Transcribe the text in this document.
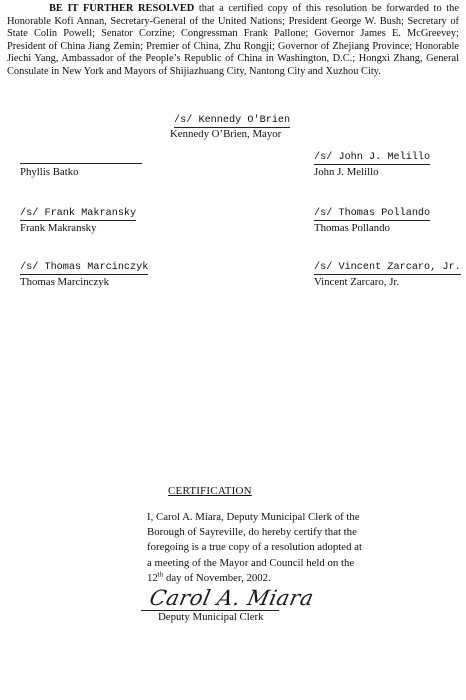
BE IT FURTHER RESOLVED that a certified copy of this resolution be forwarded to the Honorable Kofi Annan, Secretary-General of the United Nations; President George W. Bush; Secretary of State Colin Powell; Senator Corzine; Congressman Frank Pallone; Governor James E. McGreevey; President of China Jiang Zemin; Premier of China, Zhu Rongji; Governor of Zhejiang Province; Honorable Jiechi Yang, Ambassador of the People’s Republic of China in Washington, D.C.; Hongxi Zhang, General Consulate in New York and Mayors of Shijiazhuang City, Nantong City and Xuzhou City.
/s/ Kennedy O'Brien
Kennedy O’Brien, Mayor
Phyllis Batko
/s/ John J. Melillo
John J. Melillo
/s/ Frank Makransky
Frank Makransky
/s/ Thomas Pollando
Thomas Pollando
/s/ Thomas Marcinczyk
Thomas Marcinczyk
/s/ Vincent Zarcaro, Jr.
Vincent Zarcaro, Jr.
CERTIFICATION
I, Carol A. Miara, Deputy Municipal Clerk of the Borough of Sayreville, do hereby certify that the foregoing is a true copy of a resolution adopted at a meeting of the Mayor and Council held on the 12th day of November, 2002.
Carol A. Miara
Deputy Municipal Clerk
